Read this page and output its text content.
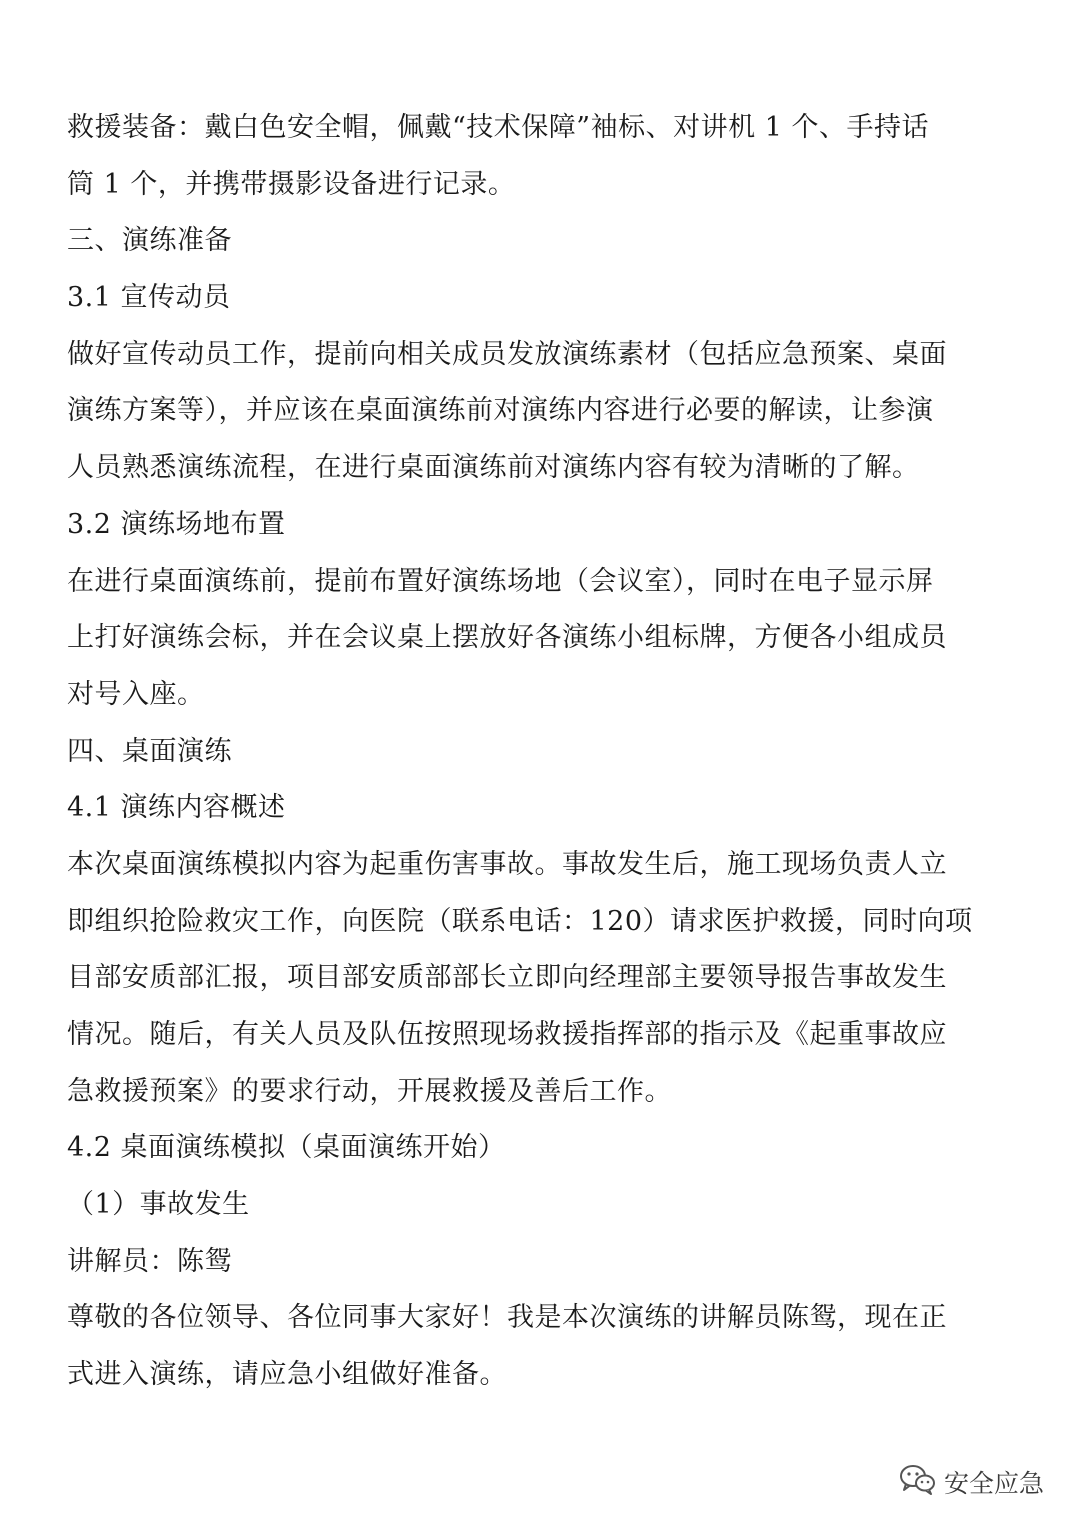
救援装备：戴白色安全帽，佩戴“技术保障”袖标、对讲机 1 个、手持话
筒 1 个，并携带摄影设备进行记录。
三、演练准备
3.1 宣传动员
做好宣传动员工作，提前向相关成员发放演练素材（包括应急预案、桌面
演练方案等），并应该在桌面演练前对演练内容进行必要的解读，让参演
人员熟悉演练流程，在进行桌面演练前对演练内容有较为清晰的了解。
3.2 演练场地布置
在进行桌面演练前，提前布置好演练场地（会议室），同时在电子显示屏
上打好演练会标，并在会议桌上摆放好各演练小组标牌，方便各小组成员
对号入座。
四、桌面演练
4.1 演练内容概述
本次桌面演练模拟内容为起重伤害事故。事故发生后，施工现场负责人立
即组织抢险救灾工作，向医院（联系电话：120）请求医护救援，同时向项
目部安质部汇报，项目部安质部部长立即向经理部主要领导报告事故发生
情况。随后，有关人员及队伍按照现场救援指挥部的指示及《起重事故应
急救援预案》的要求行动，开展救援及善后工作。
4.2 桌面演练模拟（桌面演练开始）
（1）事故发生
讲解员：陈鸳
尊敬的各位领导、各位同事大家好！我是本次演练的讲解员陈鸳，现在正
式进入演练，请应急小组做好准备。
安全应急
